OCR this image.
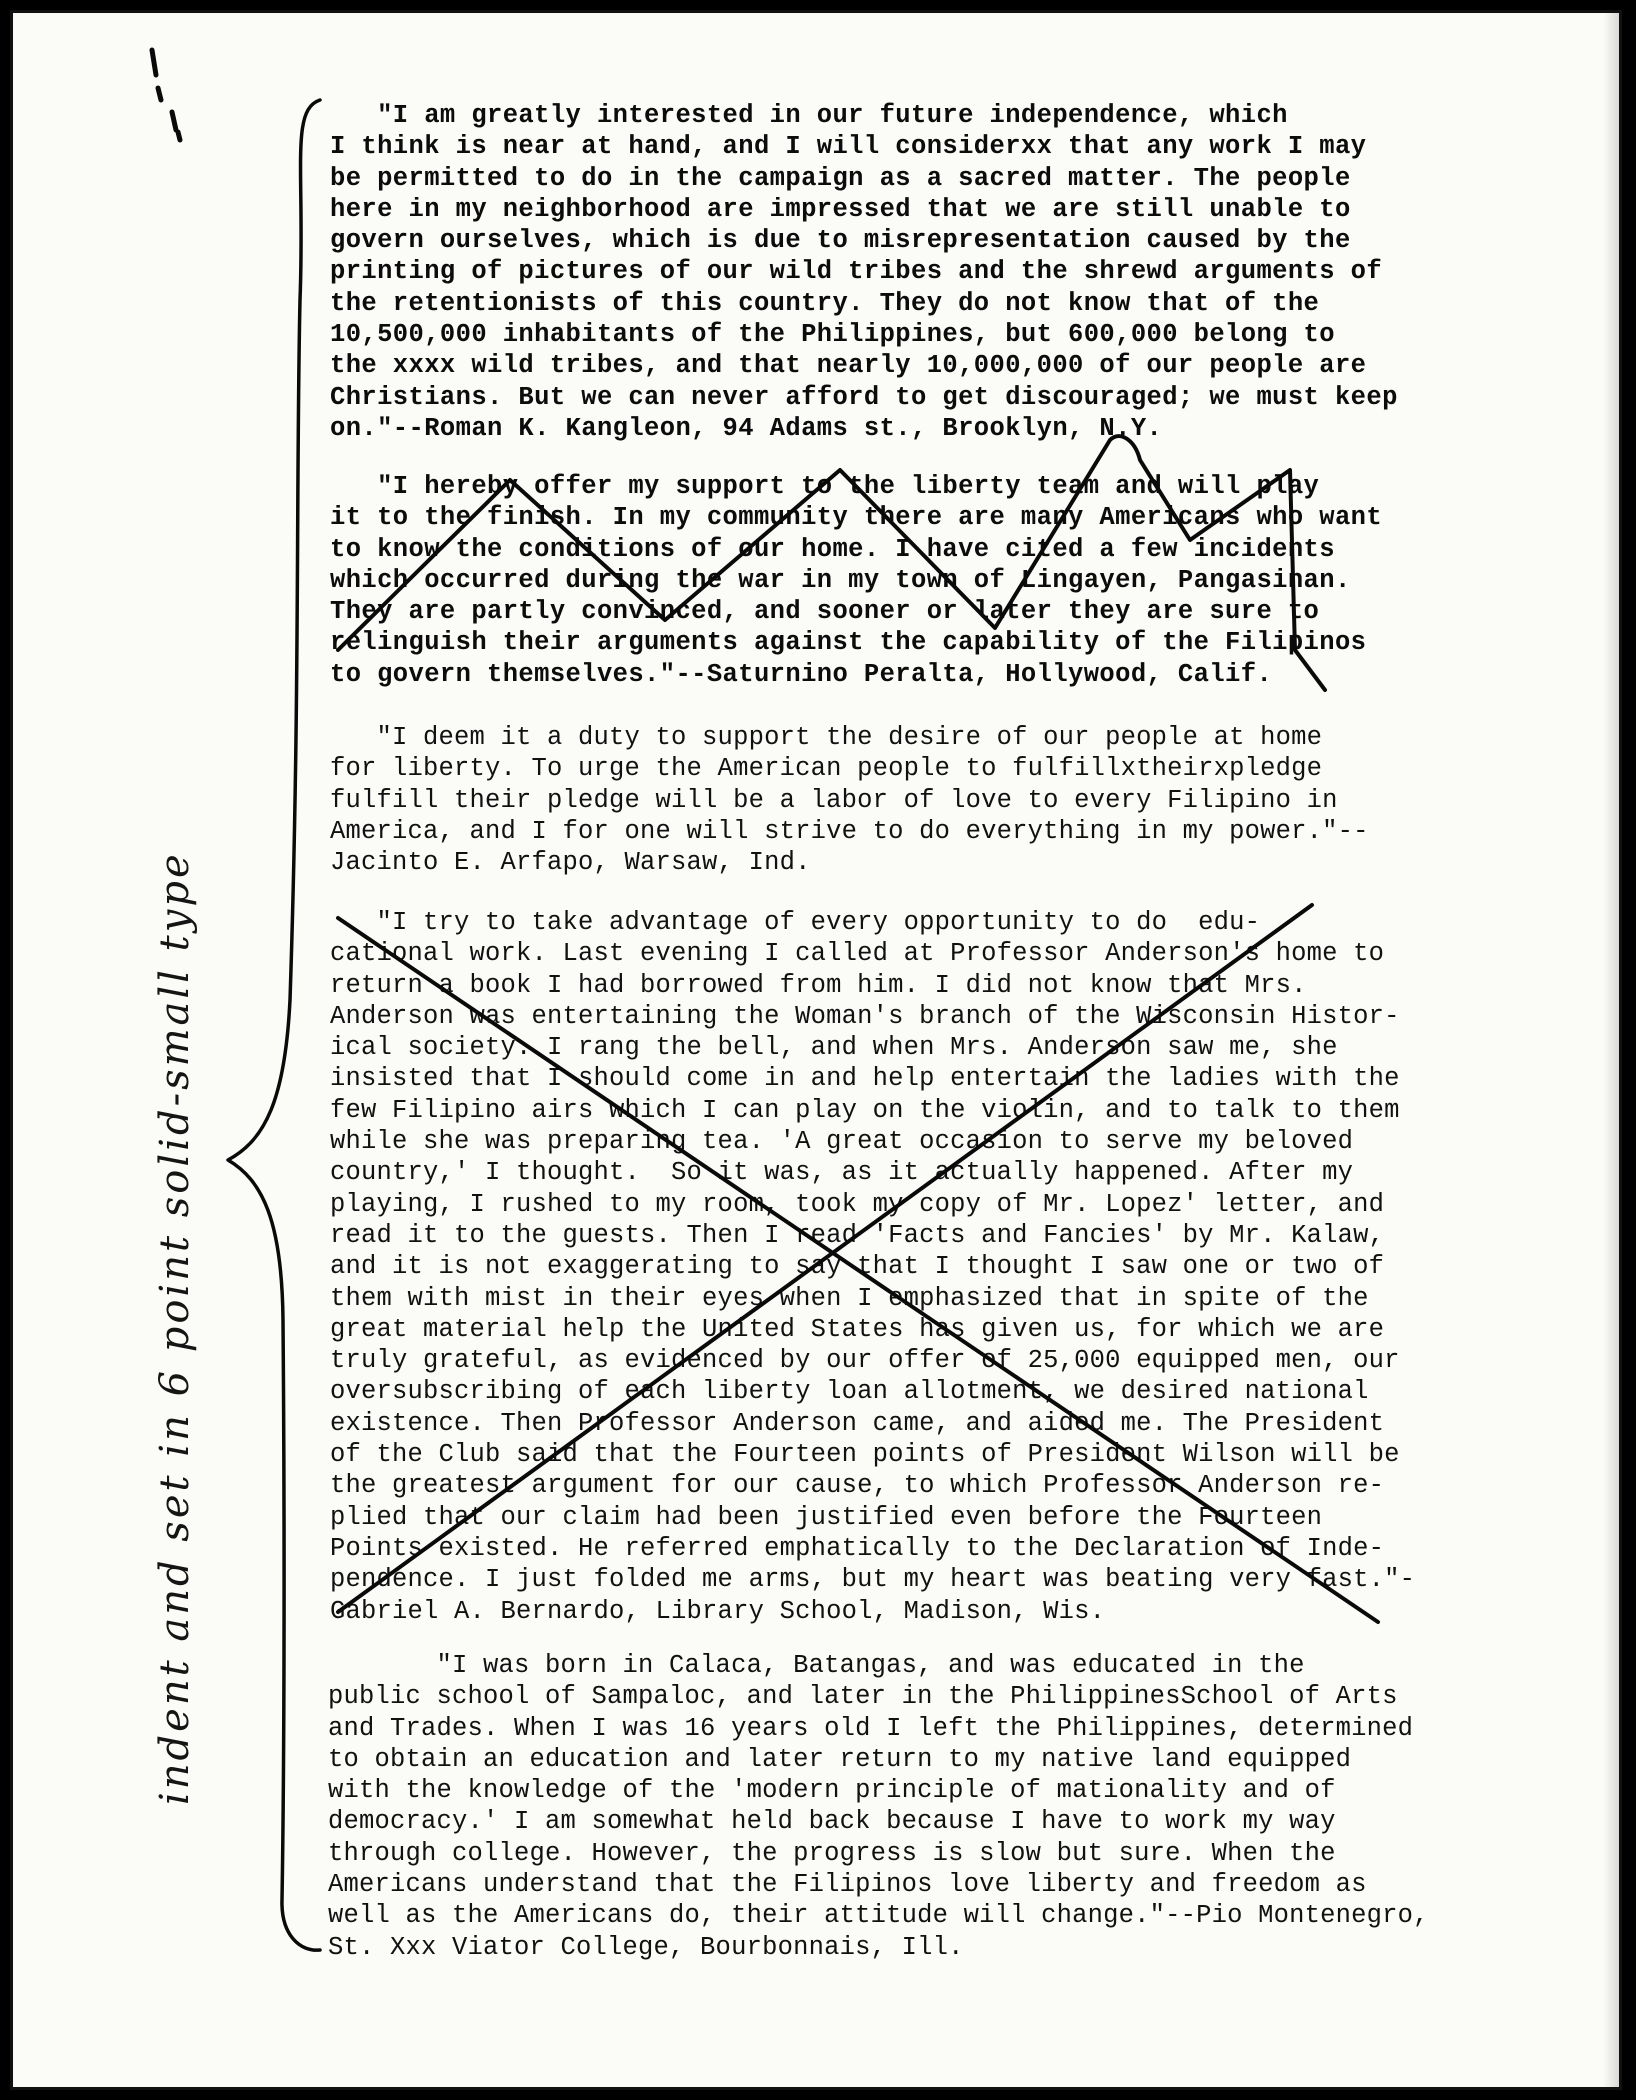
"I am greatly interested in our future independence, which
I think is near at hand, and I will considerxx that any work I may
be permitted to do in the campaign as a sacred matter. The people
here in my neighborhood are impressed that we are still unable to
govern ourselves, which is due to misrepresentation caused by the
printing of pictures of our wild tribes and the shrewd arguments of
the retentionists of this country. They do not know that of the
10,500,000 inhabitants of the Philippines, but 600,000 belong to
the xxxx wild tribes, and that nearly 10,000,000 of our people are
Christians. But we can never afford to get discouraged; we must keep
on."--Roman K. Kangleon, 94 Adams st., Brooklyn, N.Y.
"I hereby offer my support to the liberty team and will play
it to the finish. In my community there are many Americans who want
to know the conditions of our home. I have cited a few incidents
which occurred during the war in my town of Lingayen, Pangasinan.
They are partly convinced, and sooner or later they are sure to
relinguish their arguments against the capability of the Filipinos
to govern themselves."--Saturnino Peralta, Hollywood, Calif.
"I deem it a duty to support the desire of our people at home
for liberty. To urge the American people to fulfillxtheirxpledge
fulfill their pledge will be a labor of love to every Filipino in
America, and I for one will strive to do everything in my power."--
Jacinto E. Arfapo, Warsaw, Ind.
"I try to take advantage of every opportunity to do  edu-
cational work. Last evening I called at Professor Anderson's home to
return a book I had borrowed from him. I did not know that Mrs.
Anderson was entertaining the Woman's branch of the Wisconsin Histor-
ical society. I rang the bell, and when Mrs. Anderson saw me, she
insisted that I should come in and help entertain the ladies with the
few Filipino airs which I can play on the violin, and to talk to them
while she was preparing tea. 'A great occasion to serve my beloved
country,' I thought.  So it was, as it actually happened. After my
playing, I rushed to my room, took my copy of Mr. Lopez' letter, and
read it to the guests. Then I read 'Facts and Fancies' by Mr. Kalaw,
and it is not exaggerating to say that I thought I saw one or two of
them with mist in their eyes when I emphasized that in spite of the
great material help the United States has given us, for which we are
truly grateful, as evidenced by our offer of 25,000 equipped men, our
oversubscribing of each liberty loan allotment, we desired national
existence. Then Professor Anderson came, and aided me. The President
of the Club said that the Fourteen points of President Wilson will be
the greatest argument for our cause, to which Professor Anderson re-
plied that our claim had been justified even before the Fourteen
Points existed. He referred emphatically to the Declaration of Inde-
pendence. I just folded me arms, but my heart was beating very fast."-
Gabriel A. Bernardo, Library School, Madison, Wis.
"I was born in Calaca, Batangas, and was educated in the
public school of Sampaloc, and later in the PhilippinesSchool of Arts
and Trades. When I was 16 years old I left the Philippines, determined
to obtain an education and later return to my native land equipped
with the knowledge of the 'modern principle of mationality and of
democracy.' I am somewhat held back because I have to work my way
through college. However, the progress is slow but sure. When the
Americans understand that the Filipinos love liberty and freedom as
well as the Americans do, their attitude will change."--Pio Montenegro,
St. Xxx Viator College, Bourbonnais, Ill.
indent and set in 6 point solid-small type
